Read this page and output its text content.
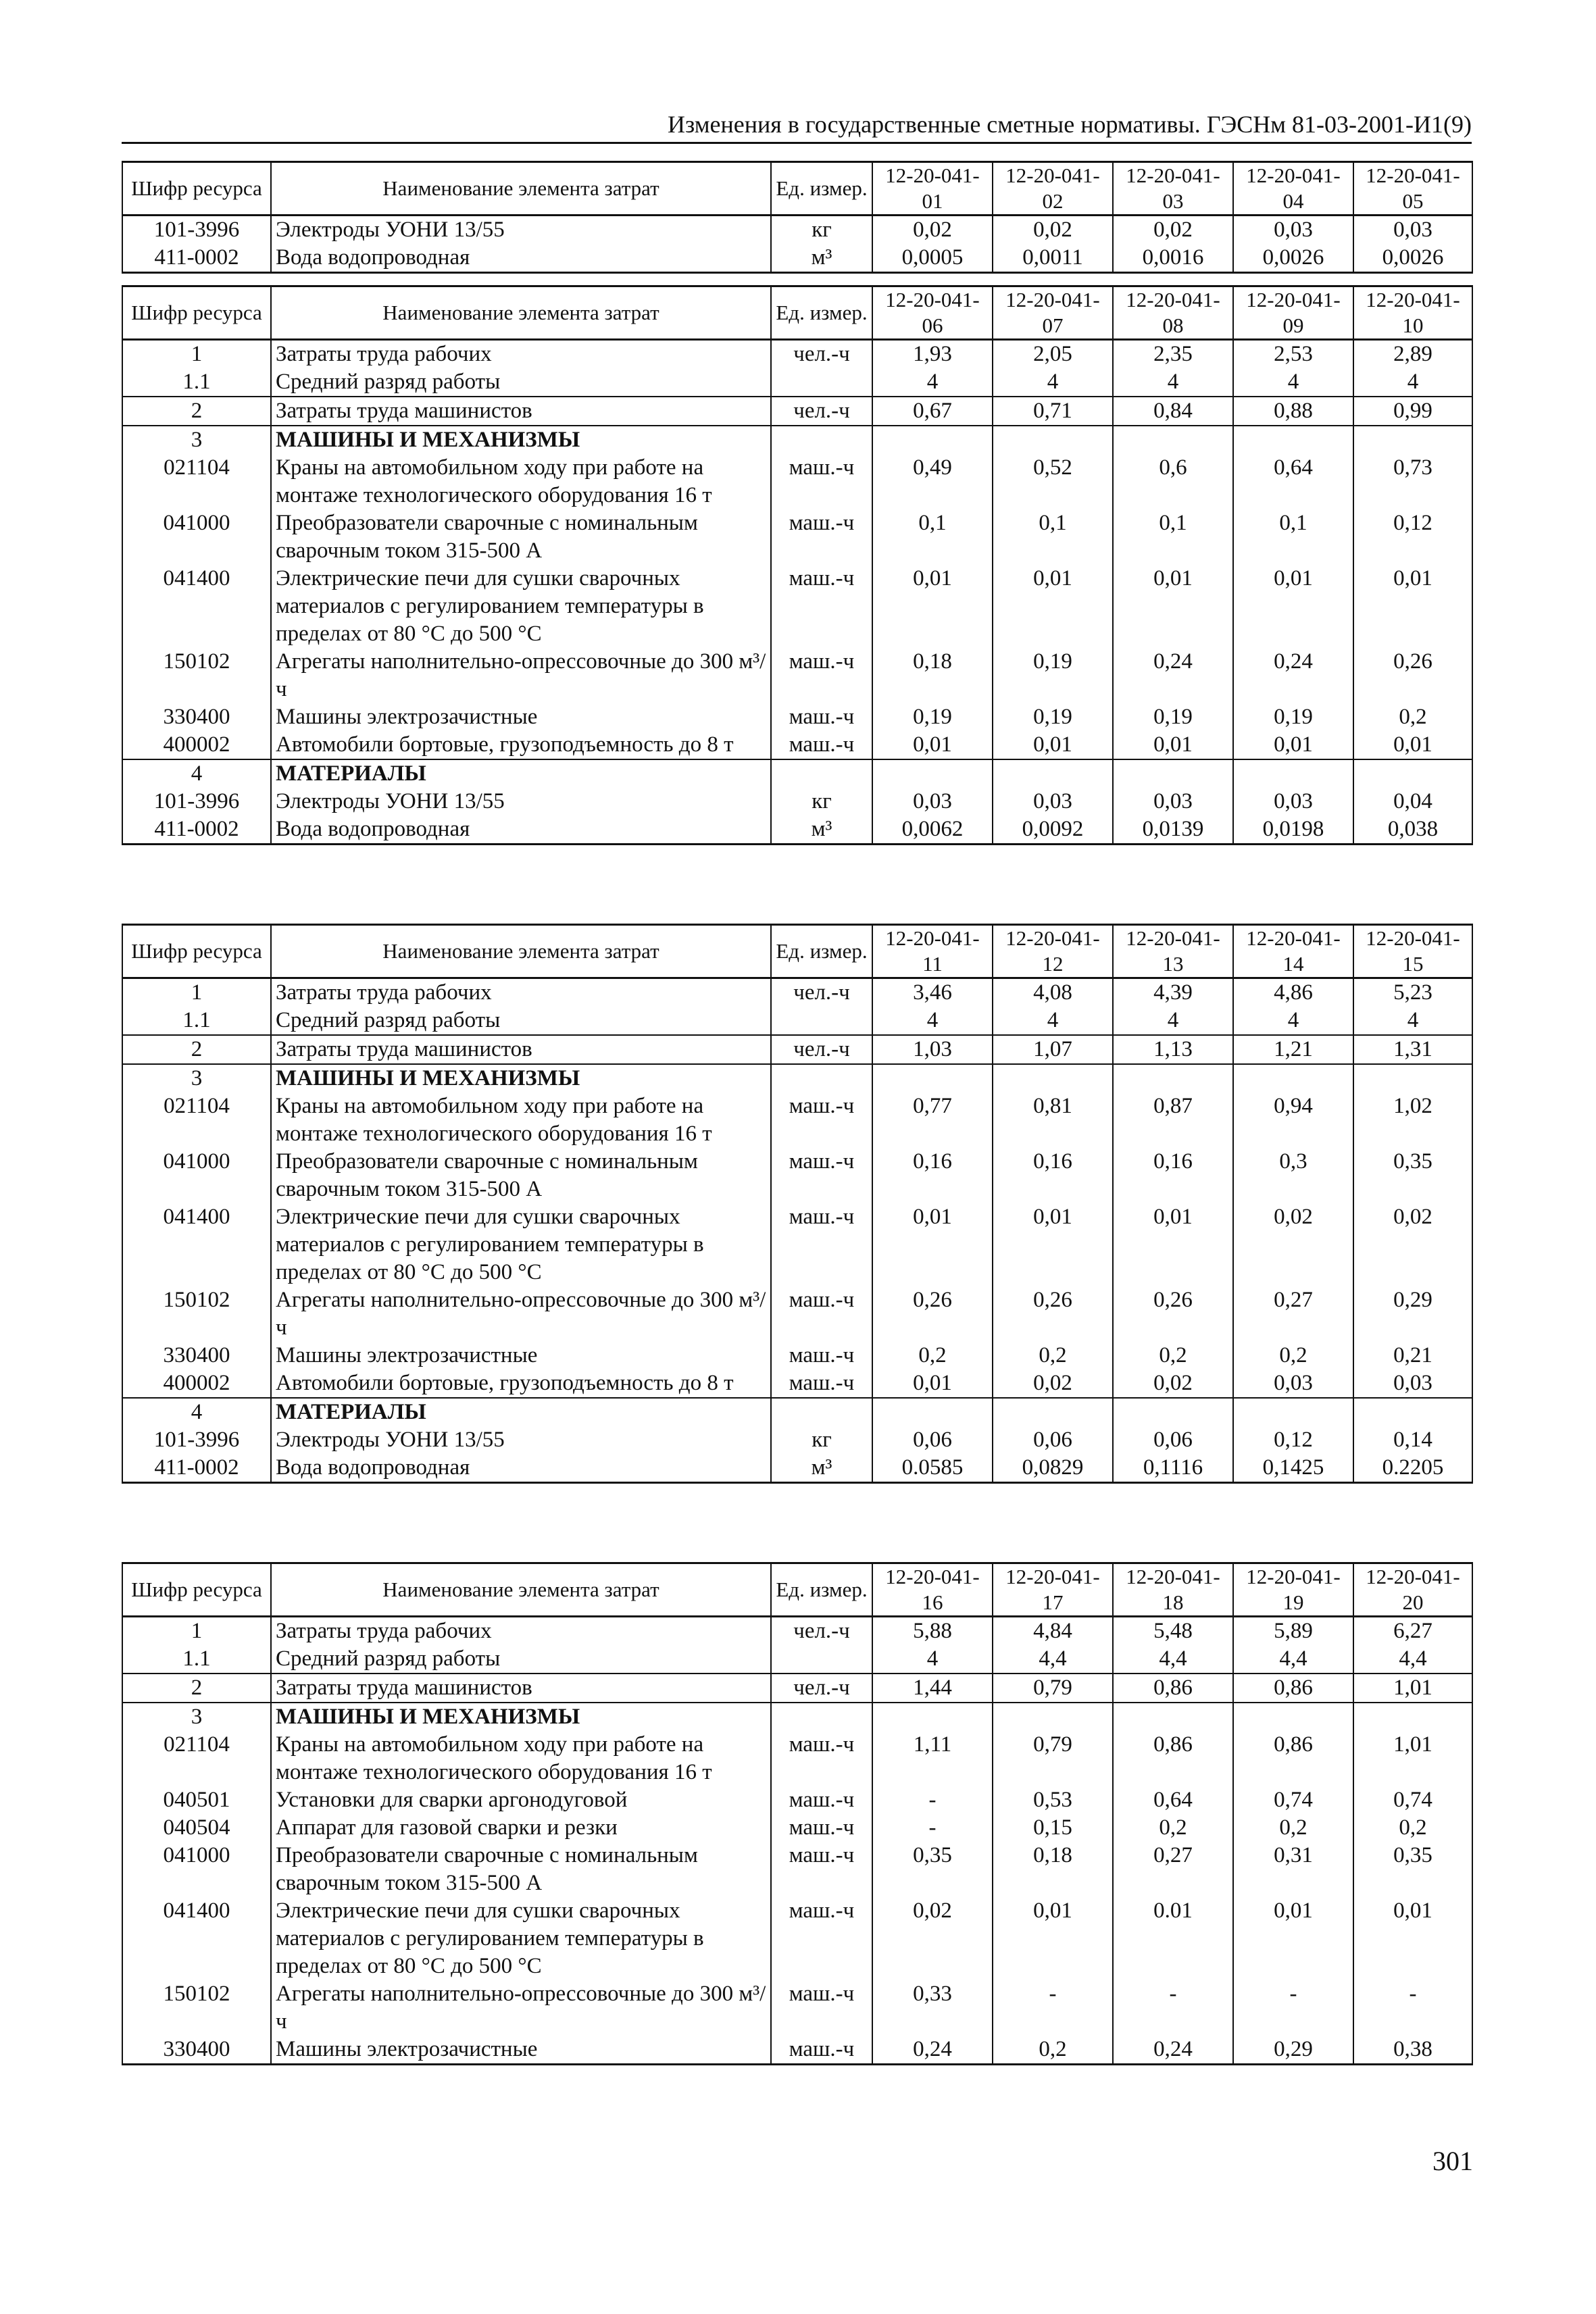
Изменения в государственные сметные нормативы. ГЭСНм 81-03-2001-И1(9)
Шифр ресурса	Наименование элемента затрат	Ед. измер.	12-20-041-01	12-20-041-02	12-20-041-03	12-20-041-04	12-20-041-05
101-3996	Электроды УОНИ 13/55	кг	0,02	0,02	0,02	0,03	0,03
411-0002	Вода водопроводная	м³	0,0005	0,0011	0,0016	0,0026	0,0026
Шифр ресурса	Наименование элемента затрат	Ед. измер.	12-20-041-06	12-20-041-07	12-20-041-08	12-20-041-09	12-20-041-10
1	Затраты труда рабочих	чел.-ч	1,93	2,05	2,35	2,53	2,89
1.1	Средний разряд работы		4	4	4	4	4
2	Затраты труда машинистов	чел.-ч	0,67	0,71	0,84	0,88	0,99
3	МАШИНЫ И МЕХАНИЗМЫ						
021104	Краны на автомобильном ходу при работе на монтаже технологического оборудования 16 т	маш.-ч	0,49	0,52	0,6	0,64	0,73
041000	Преобразователи сварочные с номинальным сварочным током 315-500 А	маш.-ч	0,1	0,1	0,1	0,1	0,12
041400	Электрические печи для сушки сварочных материалов с регулированием температуры в пределах от 80 °С до 500 °С	маш.-ч	0,01	0,01	0,01	0,01	0,01
150102	Агрегаты наполнительно-опрессовочные до 300 м³/ч	маш.-ч	0,18	0,19	0,24	0,24	0,26
330400	Машины электрозачистные	маш.-ч	0,19	0,19	0,19	0,19	0,2
400002	Автомобили бортовые, грузоподъемность до 8 т	маш.-ч	0,01	0,01	0,01	0,01	0,01
4	МАТЕРИАЛЫ						
101-3996	Электроды УОНИ 13/55	кг	0,03	0,03	0,03	0,03	0,04
411-0002	Вода водопроводная	м³	0,0062	0,0092	0,0139	0,0198	0,038
Шифр ресурса	Наименование элемента затрат	Ед. измер.	12-20-041-11	12-20-041-12	12-20-041-13	12-20-041-14	12-20-041-15
1	Затраты труда рабочих	чел.-ч	3,46	4,08	4,39	4,86	5,23
1.1	Средний разряд работы		4	4	4	4	4
2	Затраты труда машинистов	чел.-ч	1,03	1,07	1,13	1,21	1,31
3	МАШИНЫ И МЕХАНИЗМЫ						
021104	Краны на автомобильном ходу при работе на монтаже технологического оборудования 16 т	маш.-ч	0,77	0,81	0,87	0,94	1,02
041000	Преобразователи сварочные с номинальным сварочным током 315-500 А	маш.-ч	0,16	0,16	0,16	0,3	0,35
041400	Электрические печи для сушки сварочных материалов с регулированием температуры в пределах от 80 °С до 500 °С	маш.-ч	0,01	0,01	0,01	0,02	0,02
150102	Агрегаты наполнительно-опрессовочные до 300 м³/ч	маш.-ч	0,26	0,26	0,26	0,27	0,29
330400	Машины электрозачистные	маш.-ч	0,2	0,2	0,2	0,2	0,21
400002	Автомобили бортовые, грузоподъемность до 8 т	маш.-ч	0,01	0,02	0,02	0,03	0,03
4	МАТЕРИАЛЫ						
101-3996	Электроды УОНИ 13/55	кг	0,06	0,06	0,06	0,12	0,14
411-0002	Вода водопроводная	м³	0.0585	0,0829	0,1116	0,1425	0.2205
Шифр ресурса	Наименование элемента затрат	Ед. измер.	12-20-041-16	12-20-041-17	12-20-041-18	12-20-041-19	12-20-041-20
1	Затраты труда рабочих	чел.-ч	5,88	4,84	5,48	5,89	6,27
1.1	Средний разряд работы		4	4,4	4,4	4,4	4,4
2	Затраты труда машинистов	чел.-ч	1,44	0,79	0,86	0,86	1,01
3	МАШИНЫ И МЕХАНИЗМЫ						
021104	Краны на автомобильном ходу при работе на монтаже технологического оборудования 16 т	маш.-ч	1,11	0,79	0,86	0,86	1,01
040501	Установки для сварки аргонодуговой	маш.-ч	-	0,53	0,64	0,74	0,74
040504	Аппарат для газовой сварки и резки	маш.-ч	-	0,15	0,2	0,2	0,2
041000	Преобразователи сварочные с номинальным сварочным током 315-500 А	маш.-ч	0,35	0,18	0,27	0,31	0,35
041400	Электрические печи для сушки сварочных материалов с регулированием температуры в пределах от 80 °С до 500 °С	маш.-ч	0,02	0,01	0.01	0,01	0,01
150102	Агрегаты наполнительно-опрессовочные до 300 м³/ч	маш.-ч	0,33	-	-	-	-
330400	Машины электрозачистные	маш.-ч	0,24	0,2	0,24	0,29	0,38
301
